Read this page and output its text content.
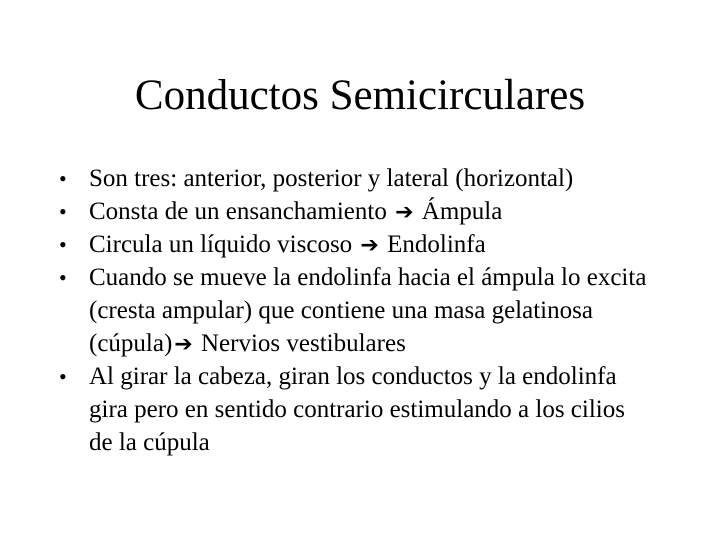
Conductos Semicirculares
• Son tres: anterior, posterior y lateral (horizontal)
• Consta de un ensanchamiento ➔ Ámpula
• Circula un líquido viscoso ➔ Endolinfa
• Cuando se mueve la endolinfa hacia el ámpula lo excita (cresta ampular) que contiene una masa gelatinosa (cúpula)➔ Nervios vestibulares
• Al girar la cabeza, giran los conductos y la endolinfa gira pero en sentido contrario estimulando a los cilios de la cúpula
